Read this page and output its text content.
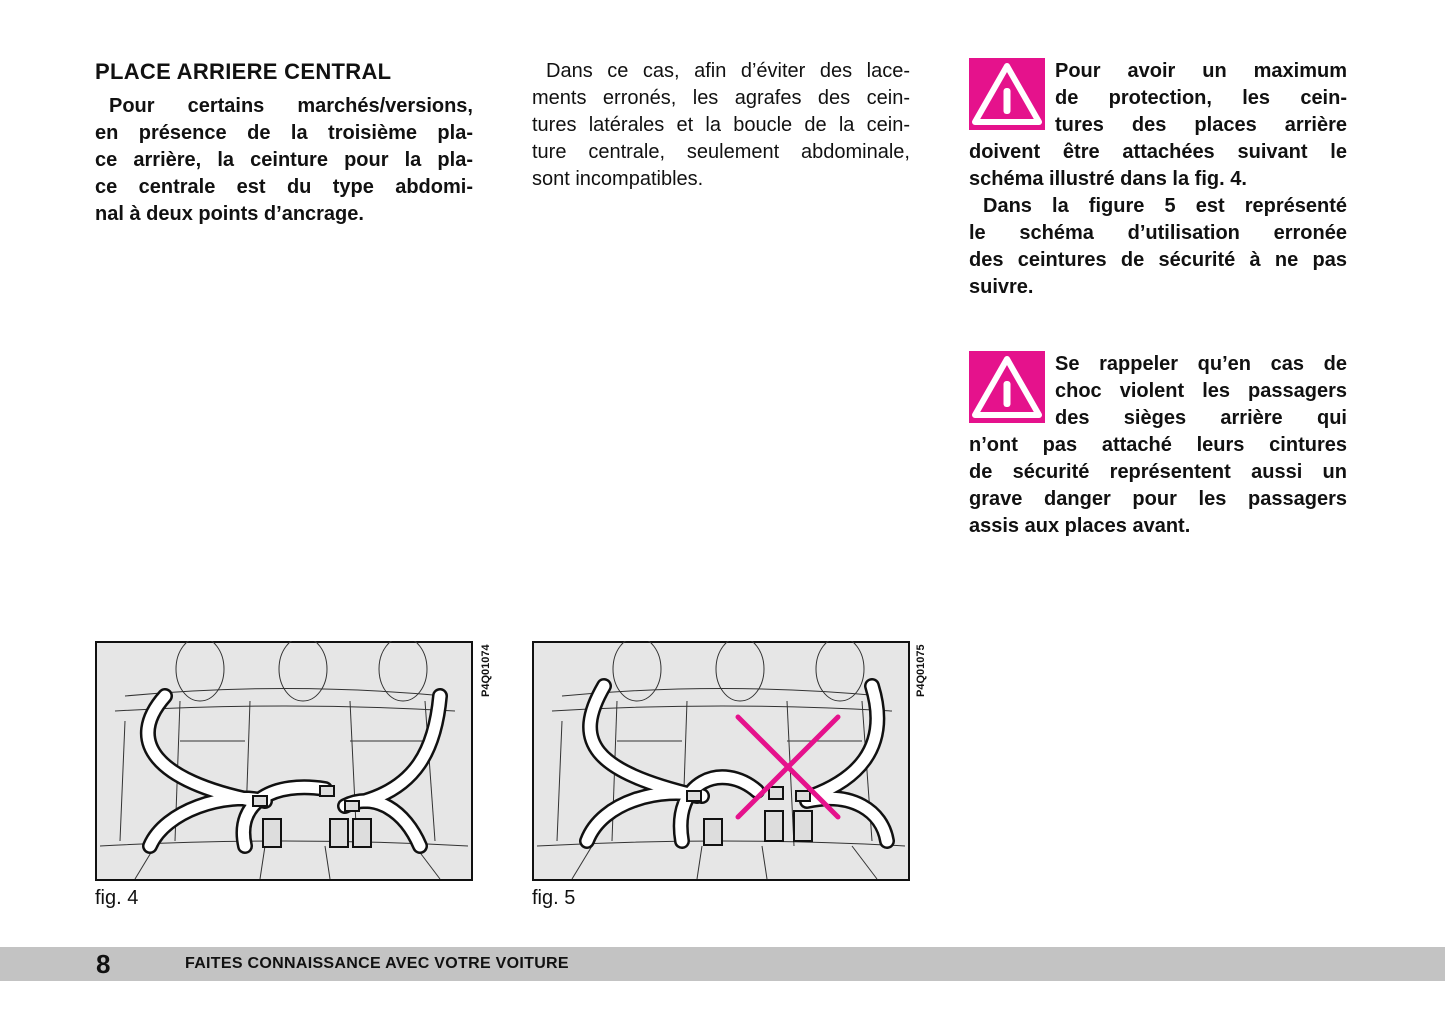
PLACE ARRIERE CENTRAL
Pour certains marchés/versions,
en présence de la troisième pla-
ce arrière, la ceinture pour la pla-
ce centrale est du type abdomi-
nal à deux points d’ancrage.
Dans ce cas, afin d’éviter des lace-
ments erronés, les agrafes des cein-
tures latérales et la boucle de la cein-
ture centrale, seulement abdominale,
sont incompatibles.
Pour avoir un maximum
de protection, les cein-
tures des places arrière
doivent être attachées suivant le
schéma illustré dans la fig. 4.
Dans la figure 5 est représenté
le schéma d’utilisation erronée
des ceintures de sécurité à ne pas
suivre.
Se rappeler qu’en cas de
choc violent les passagers
des sièges arrière qui
n’ont pas attaché leurs cintures
de sécurité représentent aussi un
grave danger pour les passagers
assis aux places avant.
P4Q01074
fig. 4
P4Q01075
fig. 5
8	FAITES CONNAISSANCE AVEC VOTRE VOITURE
